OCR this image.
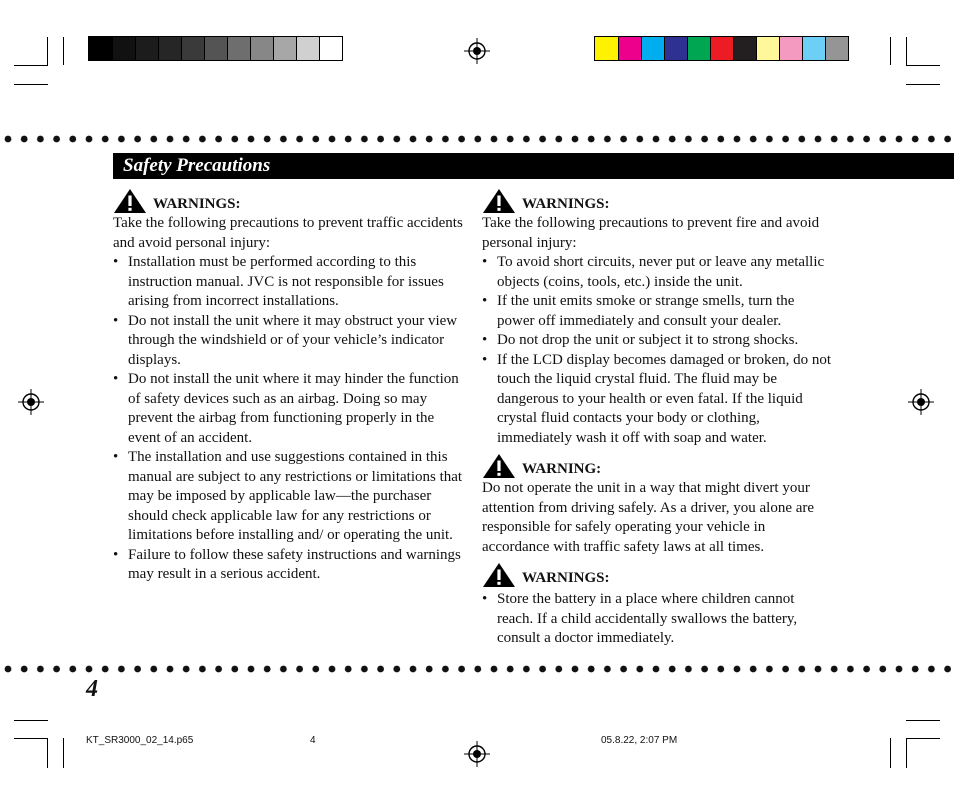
Safety Precautions
WARNINGS:

Take the following precautions to prevent traffic accidents and avoid personal injury:

• Installation must be performed according to this instruction manual. JVC is not responsible for issues arising from incorrect installations.
• Do not install the unit where it may obstruct your view through the windshield or of your vehicle’s indicator displays.
• Do not install the unit where it may hinder the function of safety devices such as an airbag. Doing so may prevent the airbag from functioning properly in the event of an accident.
• The installation and use suggestions contained in this manual are subject to any restrictions or limitations that may be imposed by applicable law—the purchaser should check applicable law for any restrictions or limitations before installing and/ or operating the unit.
• Failure to follow these safety instructions and warnings may result in a serious accident.
WARNINGS:

Take the following precautions to prevent fire and avoid personal injury:

• To avoid short circuits, never put or leave any metallic objects (coins, tools, etc.) inside the unit.
• If the unit emits smoke or strange smells, turn the power off immediately and consult your dealer.
• Do not drop the unit or subject it to strong shocks.
• If the LCD display becomes damaged or broken, do not touch the liquid crystal fluid. The fluid may be dangerous to your health or even fatal. If the liquid crystal fluid contacts your body or clothing, immediately wash it off with soap and water.
WARNING:

Do not operate the unit in a way that might divert your attention from driving safely. As a driver, you alone are responsible for safely operating your vehicle in accordance with traffic safety laws at all times.

WARNINGS:
• Store the battery in a place where children cannot reach. If a child accidentally swallows the battery, consult a doctor immediately.
4
KT_SR3000_02_14.p65	4	05.8.22, 2:07 PM
